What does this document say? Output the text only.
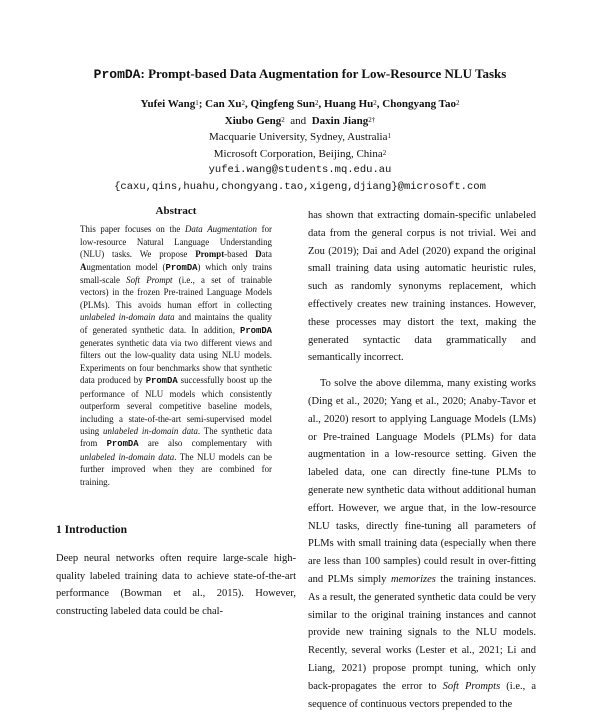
PromDA: Prompt-based Data Augmentation for Low-Resource NLU Tasks
Yufei Wang$^1$; Can Xu$^2$, Qingfeng Sun$^2$, Huang Hu$^2$, Chongyang Tao$^2$
Xiubo Geng$^2$ and Daxin Jiang$^{2\dagger}$
Macquarie University, Sydney, Australia$^1$
Microsoft Corporation, Beijing, China$^2$
yufei.wang@students.mq.edu.au
{caxu,qins,huahu,chongyang.tao,xigeng,djiang}@microsoft.com
Abstract

This paper focuses on the Data Augmentation for low-resource Natural Language Understanding (NLU) tasks. We propose Prompt-based Data Augmentation model (PromDA) which only trains small-scale Soft Prompt (i.e., a set of trainable vectors) in the frozen Pre-trained Language Models (PLMs). This avoids human effort in collecting unlabeled in-domain data and maintains the quality of generated synthetic data. In addition, PromDA generates synthetic data via two different views and filters out the low-quality data using NLU models. Experiments on four benchmarks show that synthetic data produced by PromDA successfully boost up the performance of NLU models which consistently outperform several competitive baseline models, including a state-of-the-art semi-supervised model using unlabeled in-domain data. The synthetic data from PromDA are also complementary with unlabeled in-domain data. The NLU models can be further improved when they are combined for training.

1 Introduction

Deep neural networks often require large-scale high-quality labeled training data to achieve state-of-the-art performance (Bowman et al., 2015). However, constructing labeled data could be chal-

has shown that extracting domain-specific unlabeled data from the general corpus is not trivial. Wei and Zou (2019); Dai and Adel (2020) expand the original small training data using automatic heuristic rules, such as randomly synonyms replacement, which effectively creates new training instances. However, these processes may distort the text, making the generated syntactic data grammatically and semantically incorrect.

To solve the above dilemma, many existing works (Ding et al., 2020; Yang et al., 2020; Anaby-Tavor et al., 2020) resort to applying Language Models (LMs) or Pre-trained Language Models (PLMs) for data augmentation in a low-resource setting. Given the labeled data, one can directly fine-tune PLMs to generate new synthetic data without additional human effort. However, we argue that, in the low-resource NLU tasks, directly fine-tuning all parameters of PLMs with small training data (especially when there are less than 100 samples) could result in over-fitting and PLMs simply memorizes the training instances. As a result, the generated synthetic data could be very similar to the original training instances and cannot provide new training signals to the NLU models. Recently, several works (Lester et al., 2021; Li and Liang, 2021) propose prompt tuning, which only back-propagates the error to Soft Prompts (i.e., a sequence of continuous vectors prepended to the
